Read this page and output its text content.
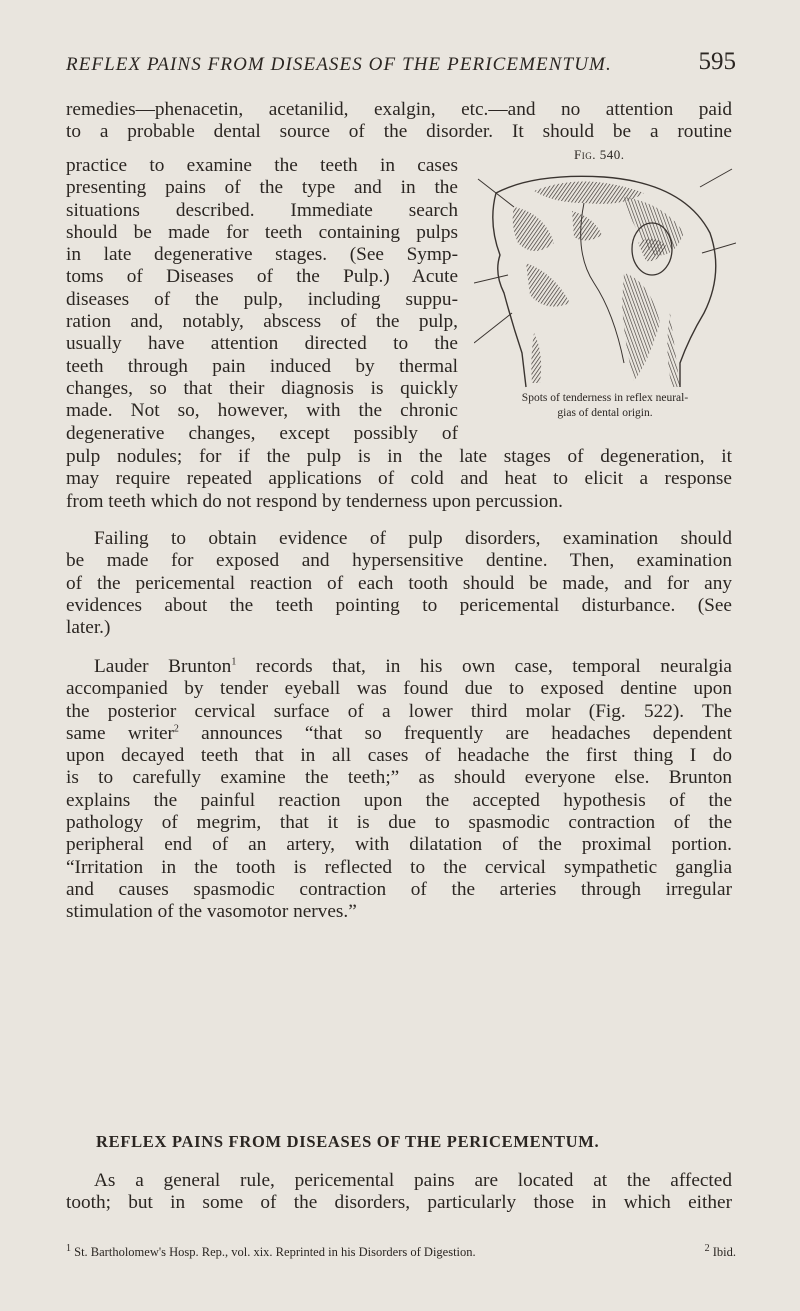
REFLEX PAINS FROM DISEASES OF THE PERICEMENTUM.	595
remedies—phenacetin, acetanilid, exalgin, etc.—and no attention paid
to a probable dental source of the disorder. It should be a routine
practice to examine the teeth in cases
presenting pains of the type and in the
situations described. Immediate search
should be made for teeth containing pulps
in late degenerative stages. (See Symp-
toms of Diseases of the Pulp.) Acute
diseases of the pulp, including suppu-
ration and, notably, abscess of the pulp,
usually have attention directed to the
teeth through pain induced by thermal
changes, so that their diagnosis is quickly
made. Not so, however, with the chronic
degenerative changes, except possibly of
Fig. 540.
Spots of tenderness in reflex neural-
gias of dental origin.
pulp nodules; for if the pulp is in the late stages of degeneration, it
may require repeated applications of cold and heat to elicit a response
from teeth which do not respond by tenderness upon percussion.
Failing to obtain evidence of pulp disorders, examination should
be made for exposed and hypersensitive dentine. Then, examination
of the pericemental reaction of each tooth should be made, and for any
evidences about the teeth pointing to pericemental disturbance. (See
later.)
Lauder Brunton$^1$ records that, in his own case, temporal neuralgia
accompanied by tender eyeball was found due to exposed dentine upon
the posterior cervical surface of a lower third molar (Fig. 522). The
same writer$^2$ announces “that so frequently are headaches dependent
upon decayed teeth that in all cases of headache the first thing I do
is to carefully examine the teeth;” as should everyone else. Brunton
explains the painful reaction upon the accepted hypothesis of the
pathology of megrim, that it is due to spasmodic contraction of the
peripheral end of an artery, with dilatation of the proximal portion.
“Irritation in the tooth is reflected to the cervical sympathetic ganglia
and causes spasmodic contraction of the arteries through irregular
stimulation of the vasomotor nerves.”
REFLEX PAINS FROM DISEASES OF THE PERICEMENTUM.
As a general rule, pericemental pains are located at the affected
tooth; but in some of the disorders, particularly those in which either
$^1$ St. Bartholomew's Hosp. Rep., vol. xix. Reprinted in his Disorders of Digestion.	$^2$ Ibid.
